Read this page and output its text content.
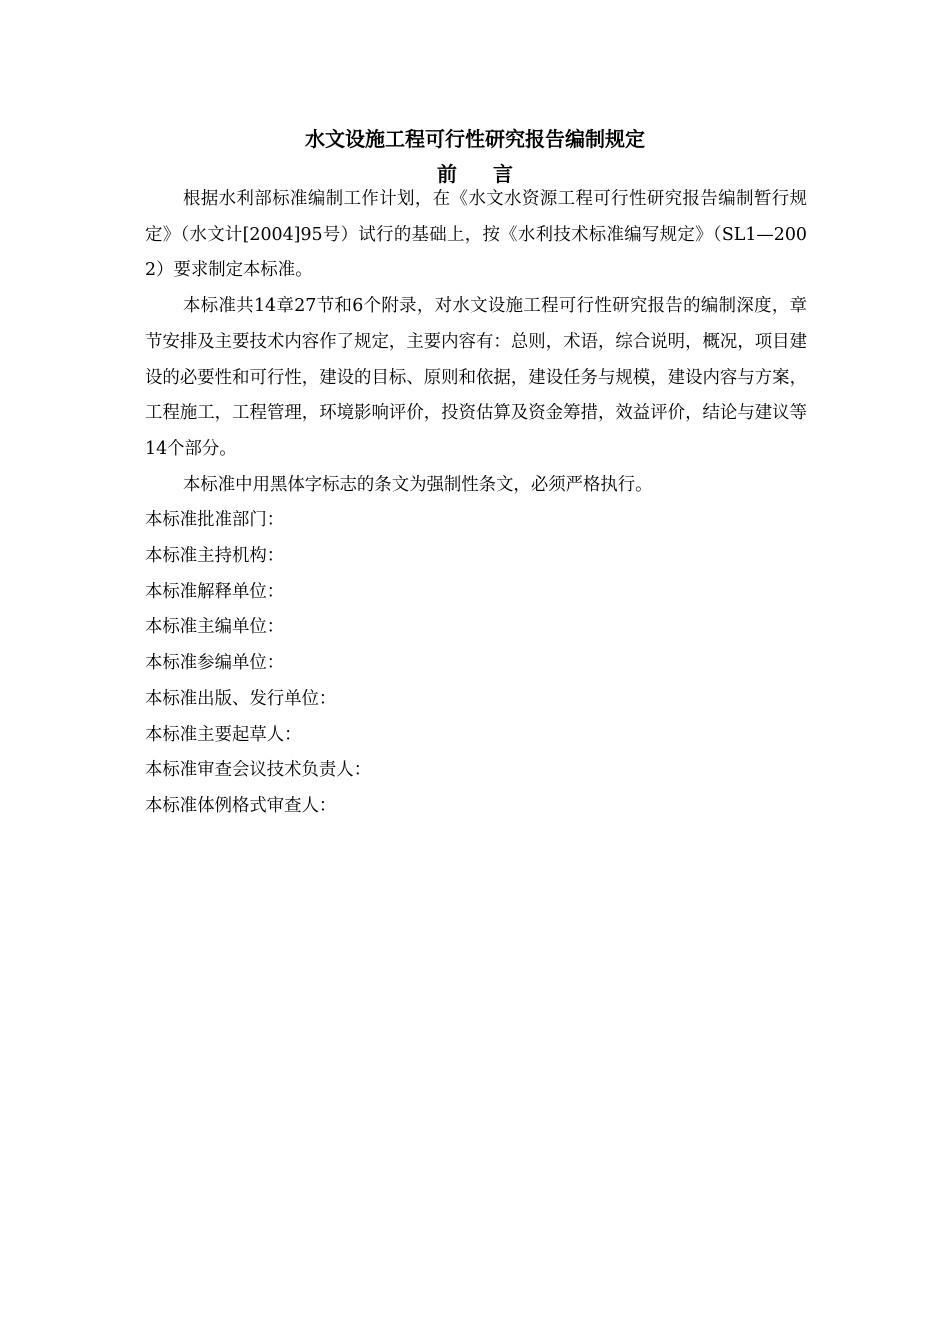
水文设施工程可行性研究报告编制规定
前言

根据水利部标准编制工作计划，在《水文水资源工程可行性研究报告编制暂行规定》（水文计[2004]95号）试行的基础上，按《水利技术标准编写规定》（SL1—2002）要求制定本标准。

本标准共14章27节和6个附录，对水文设施工程可行性研究报告的编制深度，章节安排及主要技术内容作了规定，主要内容有：总则，术语，综合说明，概况，项目建设的必要性和可行性，建设的目标、原则和依据，建设任务与规模，建设内容与方案，工程施工，工程管理，环境影响评价，投资估算及资金筹措，效益评价，结论与建议等14个部分。

本标准中用黑体字标志的条文为强制性条文，必须严格执行。

本标准批准部门：

本标准主持机构：

本标准解释单位：

本标准主编单位：

本标准参编单位：

本标准出版、发行单位：

本标准主要起草人：

本标准审查会议技术负责人：

本标准体例格式审查人：
